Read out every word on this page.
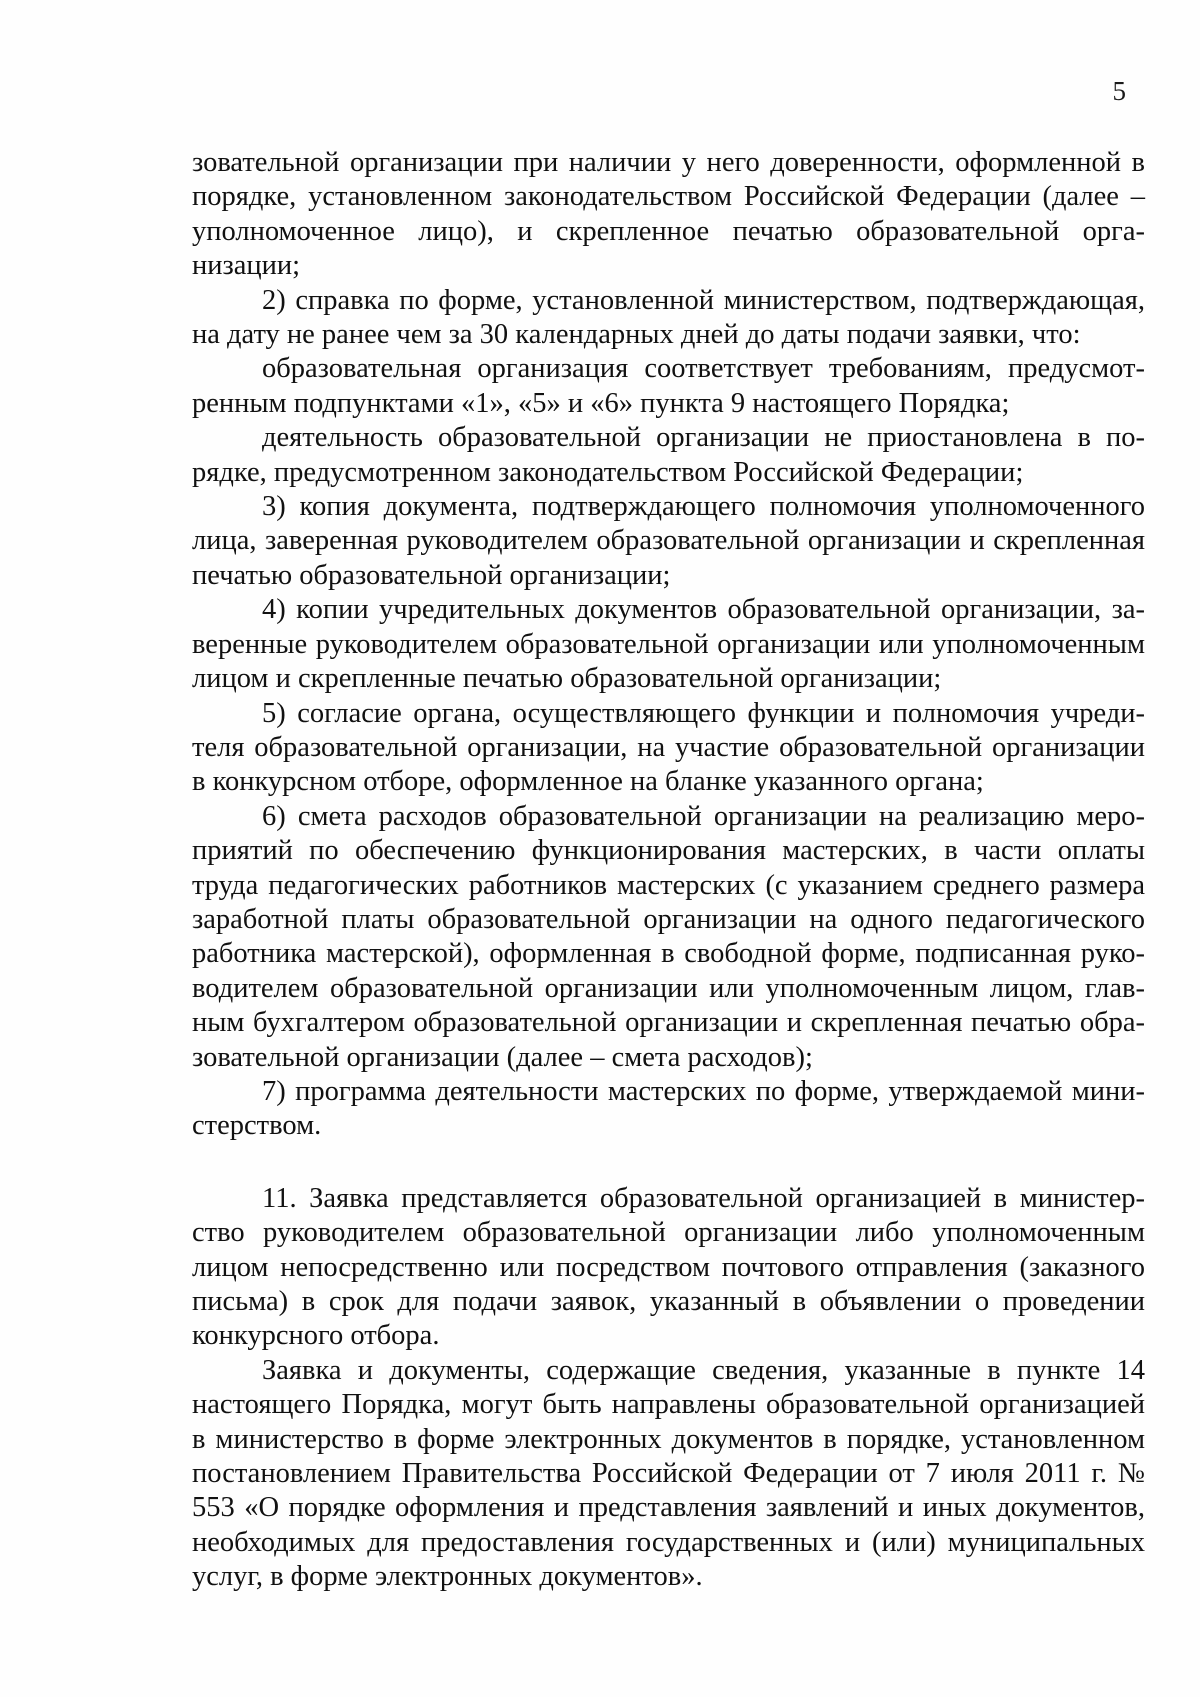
5

зовательной организации при наличии у него доверенности, оформленной в порядке, установленном законодательством Российской Федерации (далее – уполномоченное лицо), и скрепленное печатью образовательной организации;

2) справка по форме, установленной министерством, подтверждающая, на дату не ранее чем за 30 календарных дней до даты подачи заявки, что:

образовательная организация соответствует требованиям, предусмотренным подпунктами «1», «5» и «6» пункта 9 настоящего Порядка;

деятельность образовательной организации не приостановлена в порядке, предусмотренном законодательством Российской Федерации;

3) копия документа, подтверждающего полномочия уполномоченного лица, заверенная руководителем образовательной организации и скрепленная печатью образовательной организации;

4) копии учредительных документов образовательной организации, заверенные руководителем образовательной организации или уполномоченным лицом и скрепленные печатью образовательной организации;

5) согласие органа, осуществляющего функции и полномочия учредителя образовательной организации, на участие образовательной организации в конкурсном отборе, оформленное на бланке указанного органа;

6) смета расходов образовательной организации на реализацию мероприятий по обеспечению функционирования мастерских, в части оплаты труда педагогических работников мастерских (с указанием среднего размера заработной платы образовательной организации на одного педагогического работника мастерской), оформленная в свободной форме, подписанная руководителем образовательной организации или уполномоченным лицом, главным бухгалтером образовательной организации и скрепленная печатью образовательной организации (далее – смета расходов);

7) программа деятельности мастерских по форме, утверждаемой министерством.

11. Заявка представляется образовательной организацией в министерство руководителем образовательной организации либо уполномоченным лицом непосредственно или посредством почтового отправления (заказного письма) в срок для подачи заявок, указанный в объявлении о проведении конкурсного отбора.

Заявка и документы, содержащие сведения, указанные в пункте 14 настоящего Порядка, могут быть направлены образовательной организацией в министерство в форме электронных документов в порядке, установленном постановлением Правительства Российской Федерации от 7 июля 2011 г. № 553 «О порядке оформления и представления заявлений и иных документов, необходимых для предоставления государственных и (или) муниципальных услуг, в форме электронных документов».
